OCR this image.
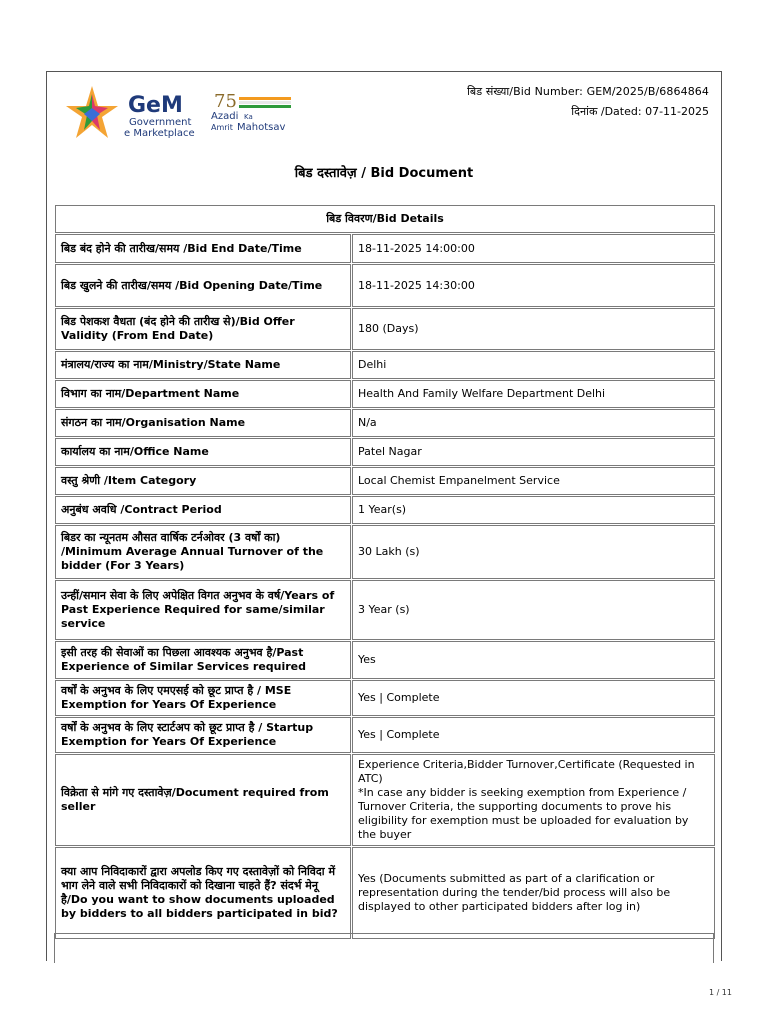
GeM
Government
e Marketplace
75
Azadi Ka
Amrit Mahotsav
बिड संख्या/Bid Number: GEM/2025/B/6864864
दिनांक /Dated: 07-11-2025
बिड दस्तावेज़ / Bid Document
बिड विवरण/Bid Details	
बिड बंद होने की तारीख/समय /Bid End Date/Time	18-11-2025 14:00:00
बिड खुलने की तारीख/समय /Bid Opening Date/Time	18-11-2025 14:30:00
बिड पेशकश वैधता (बंद होने की तारीख से)/Bid Offer Validity (From End Date)	180 (Days)
मंत्रालय/राज्य का नाम/Ministry/State Name	Delhi
विभाग का नाम/Department Name	Health And Family Welfare Department Delhi
संगठन का नाम/Organisation Name	N/a
कार्यालय का नाम/Office Name	Patel Nagar
वस्तु श्रेणी /Item Category	Local Chemist Empanelment Service
अनुबंध अवधि /Contract Period	1 Year(s)
बिडर का न्यूनतम औसत वार्षिक टर्नओवर (3 वर्षों का) /Minimum Average Annual Turnover of the bidder (For 3 Years)	30 Lakh (s)
उन्हीं/समान सेवा के लिए अपेक्षित विगत अनुभव के वर्ष/Years of Past Experience Required for same/similar service	3 Year (s)
इसी तरह की सेवाओं का पिछला आवश्यक अनुभव है/Past Experience of Similar Services required	Yes
वर्षों के अनुभव के लिए एमएसई को छूट प्राप्त है / MSE Exemption for Years Of Experience	Yes | Complete
वर्षों के अनुभव के लिए स्टार्टअप को छूट प्राप्त है / Startup Exemption for Years Of Experience	Yes | Complete
विक्रेता से मांगे गए दस्तावेज़/Document required from seller	Experience Criteria,Bidder Turnover,Certificate (Requested in ATC)
*In case any bidder is seeking exemption from Experience / Turnover Criteria, the supporting documents to prove his eligibility for exemption must be uploaded for evaluation by the buyer
क्या आप निविदाकारों द्वारा अपलोड किए गए दस्तावेज़ों को निविदा में भाग लेने वाले सभी निविदाकारों को दिखाना चाहते हैं? संदर्भ मेनू है/Do you want to show documents uploaded by bidders to all bidders participated in bid?	Yes (Documents submitted as part of a clarification or representation during the tender/bid process will also be displayed to other participated bidders after log in)
1 / 11
